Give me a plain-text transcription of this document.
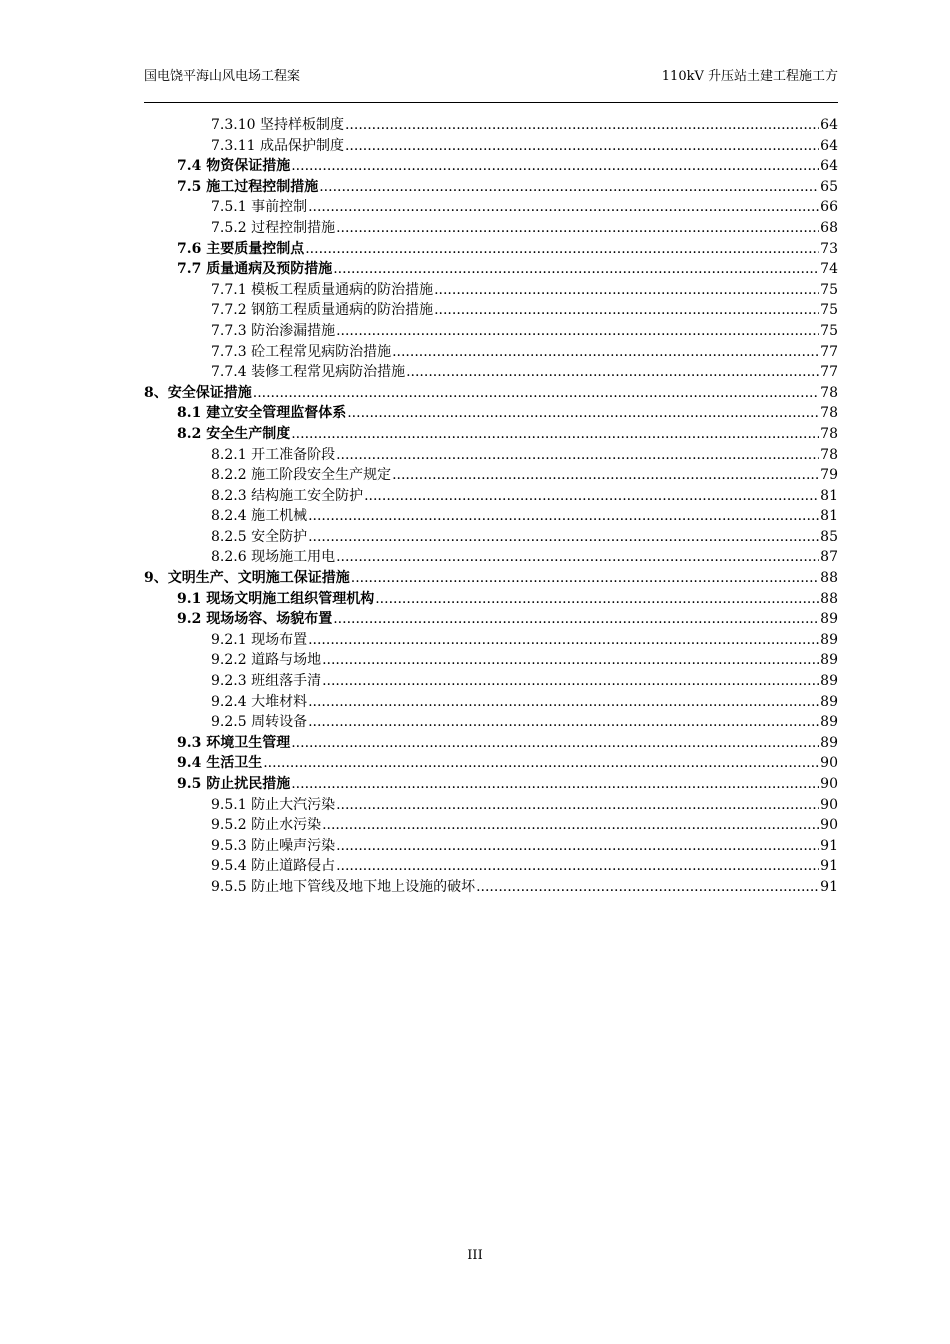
国电饶平海山风电场工程案	110kV 升压站土建工程施工方
7.3.10 坚持样板制度 .....	64
7.3.11 成品保护制度 .....	64
7.4 物资保证措施 .....	64
7.5 施工过程控制措施 .....	65
7.5.1 事前控制 .....	66
7.5.2 过程控制措施 .....	68
7.6 主要质量控制点 .....	73
7.7 质量通病及预防措施 .....	74
7.7.1 模板工程质量通病的防治措施 .....	75
7.7.2 钢筋工程质量通病的防治措施 .....	75
7.7.3 防治渗漏措施 .....	75
7.7.3 砼工程常见病防治措施 .....	77
7.7.4 装修工程常见病防治措施 .....	77
8、安全保证措施 .....	78
8.1 建立安全管理监督体系 .....	78
8.2 安全生产制度 .....	78
8.2.1 开工准备阶段 .....	78
8.2.2 施工阶段安全生产规定 .....	79
8.2.3 结构施工安全防护 .....	81
8.2.4 施工机械 .....	81
8.2.5 安全防护 .....	85
8.2.6 现场施工用电 .....	87
9、文明生产、文明施工保证措施 .....	88
9.1 现场文明施工组织管理机构 .....	88
9.2 现场场容、场貌布置 .....	89
9.2.1 现场布置 .....	89
9.2.2 道路与场地 .....	89
9.2.3 班组落手清 .....	89
9.2.4 大堆材料 .....	89
9.2.5 周转设备 .....	89
9.3 环境卫生管理 .....	89
9.4 生活卫生 .....	90
9.5 防止扰民措施 .....	90
9.5.1 防止大汽污染 .....	90
9.5.2 防止水污染 .....	90
9.5.3 防止噪声污染 .....	91
9.5.4 防止道路侵占 .....	91
9.5.5 防止地下管线及地下地上设施的破坏 .....	91
III
